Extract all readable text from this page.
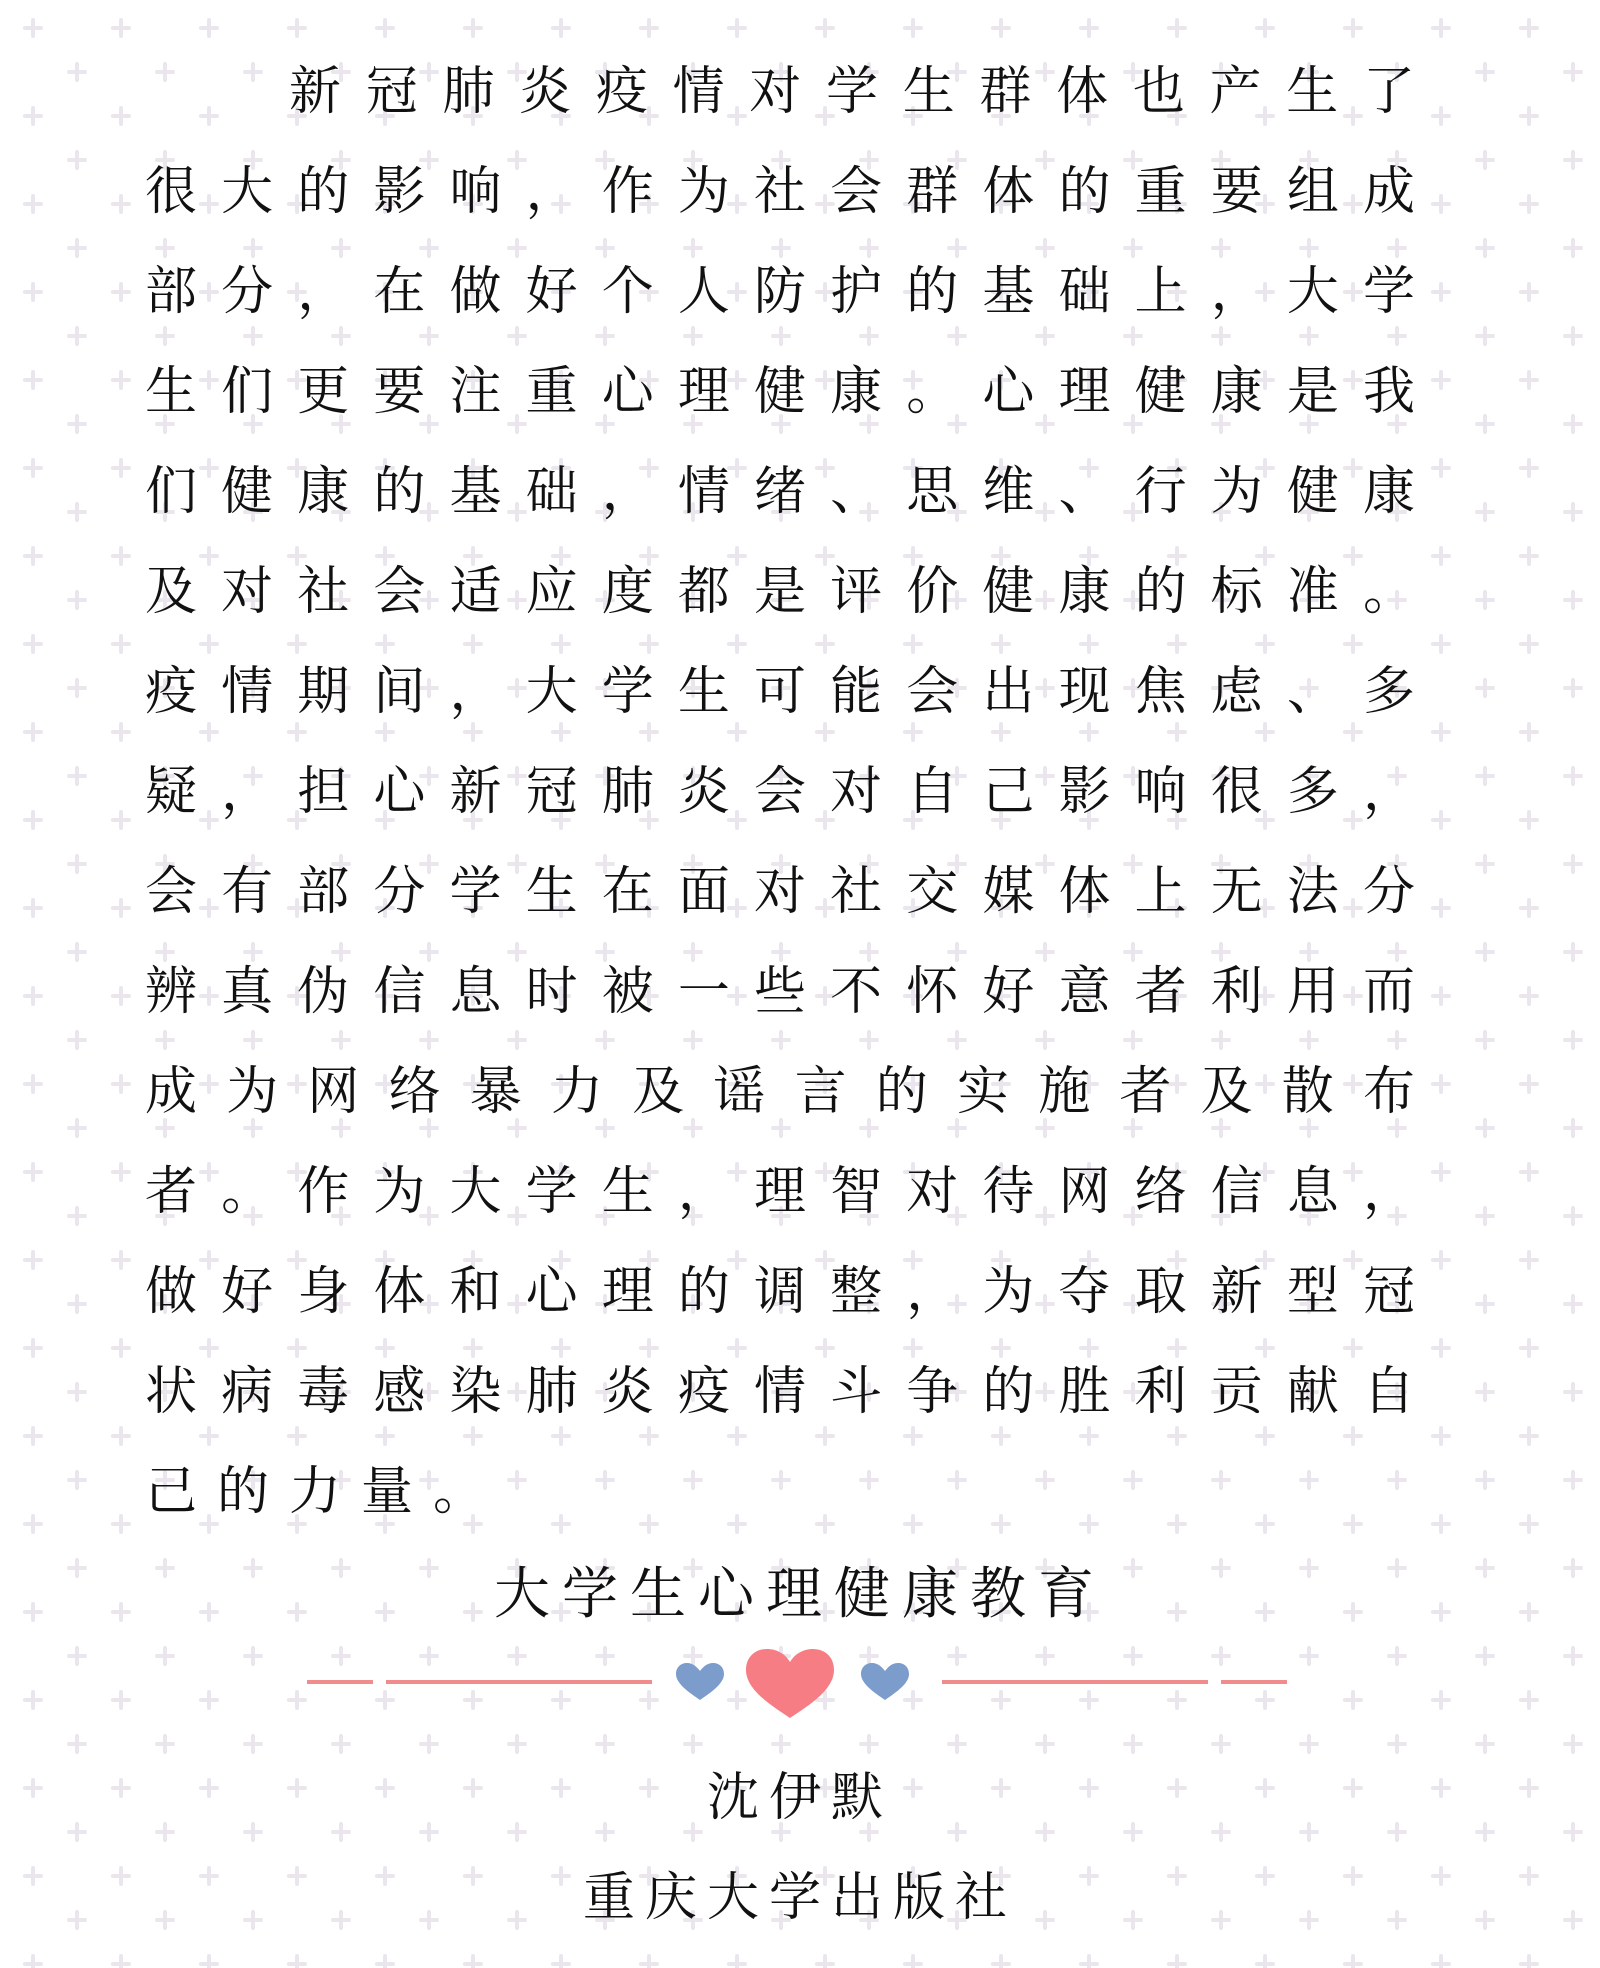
新冠肺炎疫情对学生群体也产生了很大的影响，作为社会群体的重要组成部分，在做好个人防护的基础上，大学生们更要注重心理健康。心理健康是我们健康的基础，情绪、思维、行为健康及对社会适应度都是评价健康的标准。疫情期间，大学生可能会出现焦虑、多疑，担心新冠肺炎会对自己影响很多，会有部分学生在面对社交媒体上无法分辨真伪信息时被一些不怀好意者利用而成为网络暴力及谣言的实施者及散布者。作为大学生，理智对待网络信息，做好身体和心理的调整，为夺取新型冠状病毒感染肺炎疫情斗争的胜利贡献自己的力量。

大学生心理健康教育
沈伊默
重庆大学出版社
